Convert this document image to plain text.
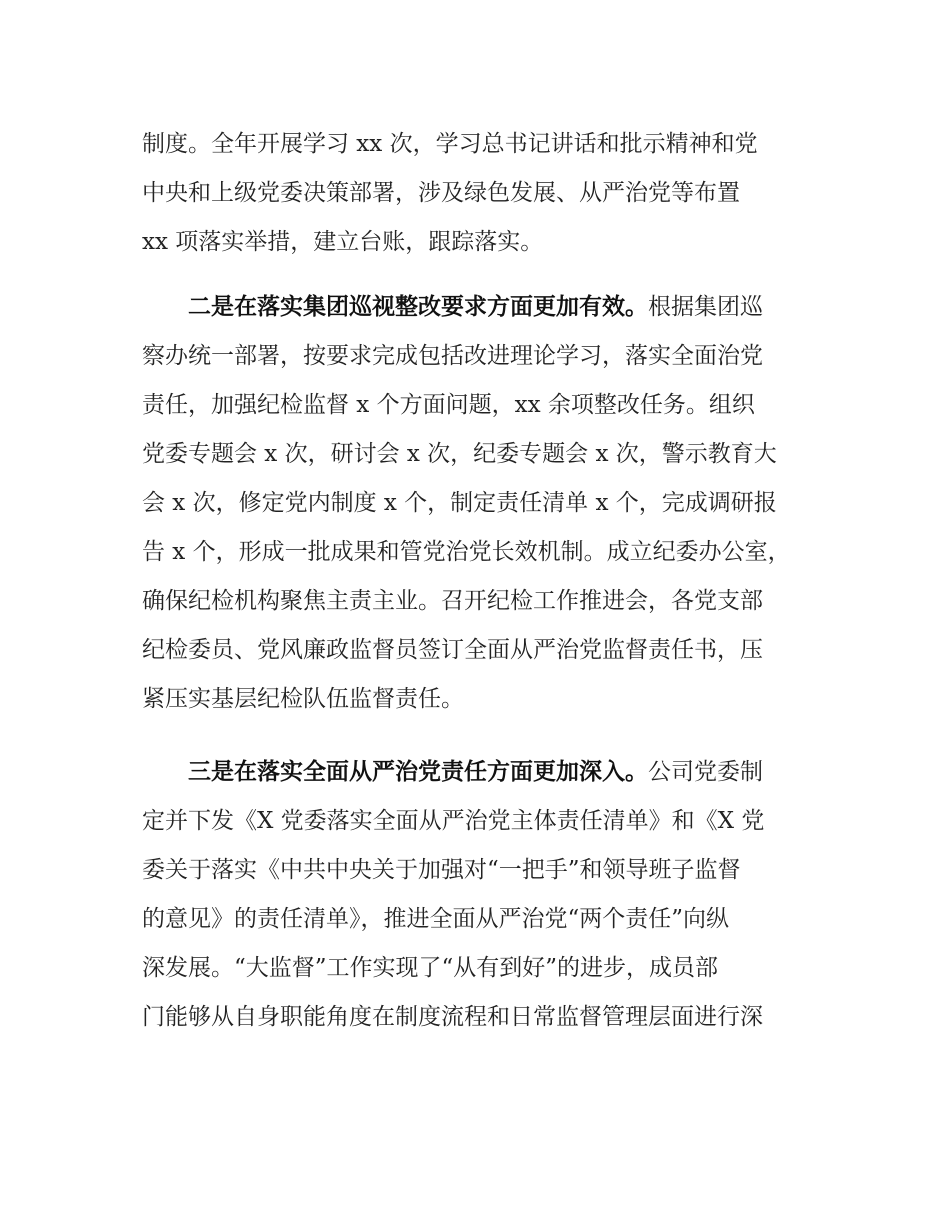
制度。全年开展学习 xx 次，学习总书记讲话和批示精神和党
中央和上级党委决策部署，涉及绿色发展、从严治党等布置
xx 项落实举措，建立台账，跟踪落实。
二是在落实集团巡视整改要求方面更加有效。根据集团巡
察办统一部署，按要求完成包括改进理论学习，落实全面治党
责任，加强纪检监督 x 个方面问题，xx 余项整改任务。组织
党委专题会 x 次，研讨会 x 次，纪委专题会 x 次，警示教育大
会 x 次，修定党内制度 x 个，制定责任清单 x 个，完成调研报
告 x 个，形成一批成果和管党治党长效机制。成立纪委办公室，
确保纪检机构聚焦主责主业。召开纪检工作推进会，各党支部
纪检委员、党风廉政监督员签订全面从严治党监督责任书，压
紧压实基层纪检队伍监督责任。
三是在落实全面从严治党责任方面更加深入。公司党委制
定并下发《X 党委落实全面从严治党主体责任清单》和《X 党
委关于落实《中共中央关于加强对“一把手”和领导班子监督
的意见》的责任清单》，推进全面从严治党“两个责任”向纵
深发展。“大监督”工作实现了“从有到好”的进步，成员部
门能够从自身职能角度在制度流程和日常监督管理层面进行深
